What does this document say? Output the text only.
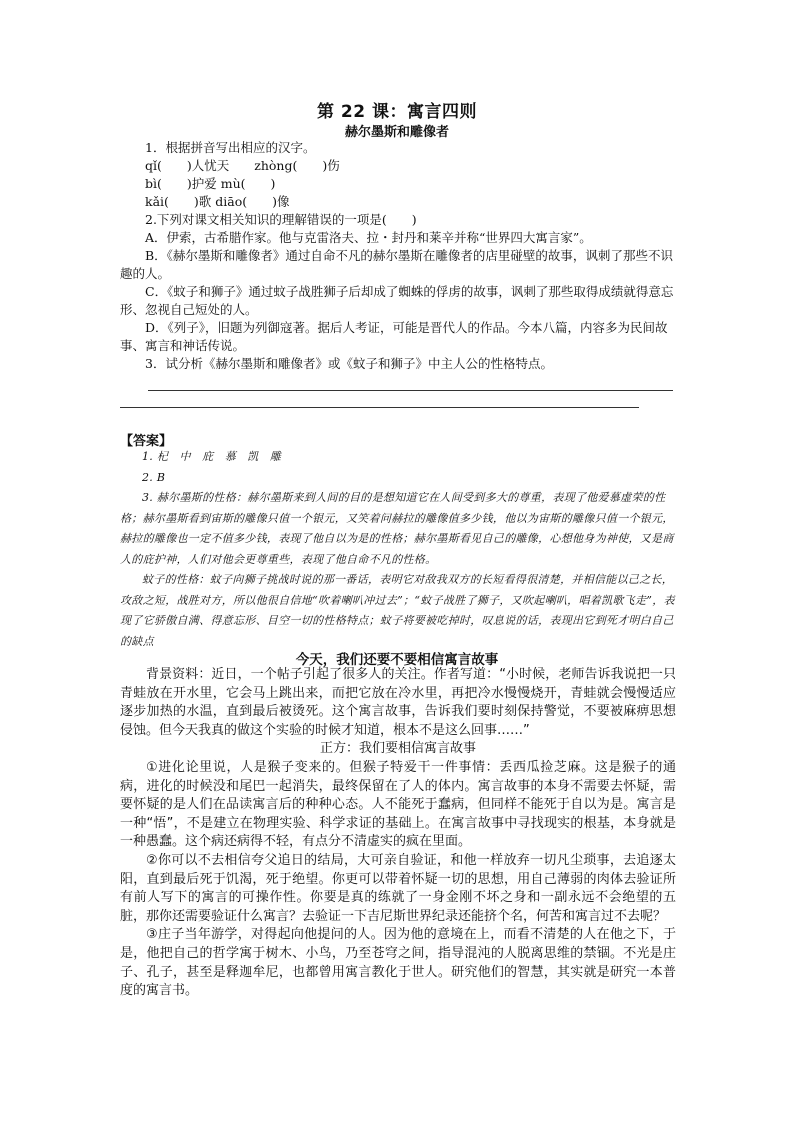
第 22 课：寓言四则
赫尔墨斯和雕像者

1．根据拼音写出相应的汉字。

qǐ(　　)人忧天　　zhòng(　　)伤

bì(　　)护爱 mù(　　)

kǎi(　　)歌 diāo(　　)像

2.下列对课文相关知识的理解错误的一项是(　　)

A．伊索，古希腊作家。他与克雷洛夫、拉・封丹和莱辛并称“世界四大寓言家”。

B．《赫尔墨斯和雕像者》通过自命不凡的赫尔墨斯在雕像者的店里碰壁的故事，讽刺了那些不识趣的人。

C．《蚊子和狮子》通过蚊子战胜狮子后却成了蜘蛛的俘虏的故事，讽刺了那些取得成绩就得意忘形、忽视自己短处的人。

D．《列子》，旧题为列御寇著。据后人考证，可能是晋代人的作品。今本八篇，内容多为民间故事、寓言和神话传说。

3．试分析《赫尔墨斯和雕像者》或《蚊子和狮子》中主人公的性格特点。

【答案】

1. 杞　中　庇　慕　凯　雕

2. B

3. 赫尔墨斯的性格：赫尔墨斯来到人间的目的是想知道它在人间受到多大的尊重，表现了他爱慕虚荣的性格；赫尔墨斯看到宙斯的雕像只值一个银元，又笑着问赫拉的雕像值多少钱，他以为宙斯的雕像只值一个银元，赫拉的雕像也一定不值多少钱，表现了他自以为是的性格；赫尔墨斯看见自己的雕像，心想他身为神使，又是商人的庇护神，人们对他会更尊重些，表现了他自命不凡的性格。

蚊子的性格：蚊子向狮子挑战时说的那一番话，表明它对敌我双方的长短看得很清楚，并相信能以己之长，攻敌之短，战胜对方，所以他很自信地“吹着喇叭冲过去”；“蚊子战胜了狮子，又吹起喇叭，唱着凯歌飞走”，表现了它骄傲自满、得意忘形、目空一切的性格特点；蚊子将要被吃掉时，叹息说的话，表现出它到死才明白自己的缺点

今天，我们还要不要相信寓言故事

背景资料：近日，一个帖子引起了很多人的关注。作者写道：“小时候，老师告诉我说把一只青蛙放在开水里，它会马上跳出来，而把它放在冷水里，再把冷水慢慢烧开，青蛙就会慢慢适应逐步加热的水温，直到最后被烫死。这个寓言故事，告诉我们要时刻保持警觉，不要被麻痹思想侵蚀。但今天我真的做这个实验的时候才知道，根本不是这么回事……”

正方：我们要相信寓言故事

①进化论里说，人是猴子变来的。但猴子特爱干一件事情：丢西瓜捡芝麻。这是猴子的通病，进化的时候没和尾巴一起消失，最终保留在了人的体内。寓言故事的本身不需要去怀疑，需要怀疑的是人们在品读寓言后的种种心态。人不能死于蠢病，但同样不能死于自以为是。寓言是一种“悟”，不是建立在物理实验、科学求证的基础上。在寓言故事中寻找现实的根基，本身就是一种愚蠢。这个病还病得不轻，有点分不清虚实的疯在里面。

②你可以不去相信夸父追日的结局，大可亲自验证，和他一样放弃一切凡尘琐事，去追逐太阳，直到最后死于饥渴，死于绝望。你更可以带着怀疑一切的思想，用自己薄弱的肉体去验证所有前人写下的寓言的可操作性。你要是真的练就了一身金刚不坏之身和一副永远不会绝望的五脏，那你还需要验证什么寓言？去验证一下吉尼斯世界纪录还能挤个名，何苦和寓言过不去呢？

③庄子当年游学，对得起向他提问的人。因为他的意境在上，而看不清楚的人在他之下，于是，他把自己的哲学寓于树木、小鸟，乃至苍穹之间，指导混沌的人脱离思维的禁锢。不光是庄子、孔子，甚至是释迦牟尼，也都曾用寓言教化于世人。研究他们的智慧，其实就是研究一本普度的寓言书。
